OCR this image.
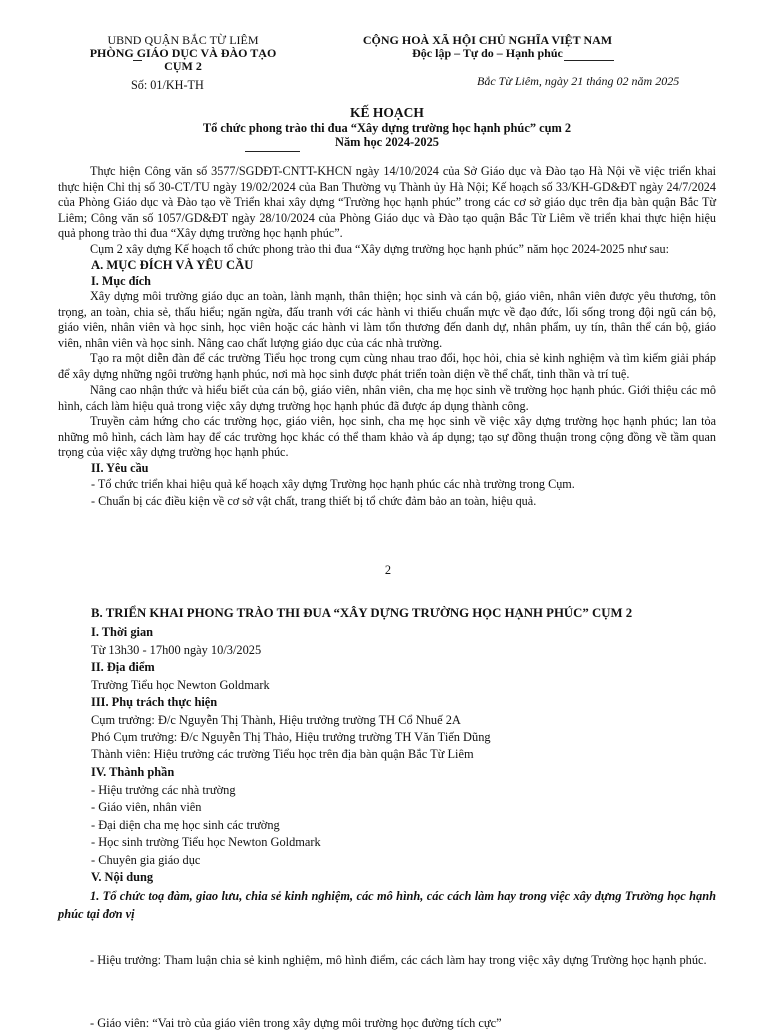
UBND QUẬN BẮC TỪ LIÊM
PHÒNG GIÁO DỤC VÀ ĐÀO TẠO
CỤM 2
Số: 01/KH-TH
CỘNG HOÀ XÃ HỘI CHỦ NGHĨA VIỆT NAM
Độc lập – Tự do – Hạnh phúc
Bắc Từ Liêm, ngày 21 tháng 02 năm 2025
KẾ HOẠCH
Tổ chức phong trào thi đua “Xây dựng trường học hạnh phúc” cụm 2
Năm học 2024-2025
Thực hiện Công văn số 3577/SGDĐT-CNTT-KHCN ngày 14/10/2024 của Sở Giáo dục và Đào tạo Hà Nội về việc triển khai thực hiện Chỉ thị số 30-CT/TU ngày 19/02/2024 của Ban Thường vụ Thành ủy Hà Nội; Kế hoạch số 33/KH-GD&ĐT ngày 24/7/2024 của Phòng Giáo dục và Đào tạo về Triển khai xây dựng “Trường học hạnh phúc” trong các cơ sở giáo dục trên địa bàn quận Bắc Từ Liêm; Công văn số 1057/GD&ĐT ngày 28/10/2024 của Phòng Giáo dục và Đào tạo quận Bắc Từ Liêm về triển khai thực hiện hiệu quả phong trào thi đua “Xây dựng trường học hạnh phúc”.
Cụm 2 xây dựng Kế hoạch tổ chức phong trào thi đua “Xây dựng trường học hạnh phúc” năm học 2024-2025 như sau:
A. MỤC ĐÍCH VÀ YÊU CẦU
I. Mục đích
Xây dựng môi trường giáo dục an toàn, lành mạnh, thân thiện; học sinh và cán bộ, giáo viên, nhân viên được yêu thương, tôn trọng, an toàn, chia sẻ, thấu hiểu; ngăn ngừa, đấu tranh với các hành vi thiếu chuẩn mực về đạo đức, lối sống trong đội ngũ cán bộ, giáo viên, nhân viên và học sinh, học viên hoặc các hành vi làm tổn thương đến danh dự, nhân phẩm, uy tín, thân thể cán bộ, giáo viên, nhân viên và học sinh. Nâng cao chất lượng giáo dục của các nhà trường.
Tạo ra một diễn đàn để các trường Tiểu học trong cụm cùng nhau trao đổi, học hỏi, chia sẻ kinh nghiệm và tìm kiếm giải pháp để xây dựng những ngôi trường hạnh phúc, nơi mà học sinh được phát triển toàn diện về thể chất, tinh thần và trí tuệ.
Nâng cao nhận thức và hiểu biết của cán bộ, giáo viên, nhân viên, cha mẹ học sinh về trường học hạnh phúc. Giới thiệu các mô hình, cách làm hiệu quả trong việc xây dựng trường học hạnh phúc đã được áp dụng thành công.
Truyền cảm hứng cho các trường học, giáo viên, học sinh, cha mẹ học sinh về việc xây dựng trường học hạnh phúc; lan tỏa những mô hình, cách làm hay để các trường học khác có thể tham khảo và áp dụng; tạo sự đồng thuận trong cộng đồng về tầm quan trọng của việc xây dựng trường học hạnh phúc.
II. Yêu cầu
- Tổ chức triển khai hiệu quả kế hoạch xây dựng Trường học hạnh phúc các nhà trường trong Cụm.
- Chuẩn bị các điều kiện về cơ sở vật chất, trang thiết bị tổ chức đảm bảo an toàn, hiệu quả.
2
B. TRIỂN KHAI PHONG TRÀO THI ĐUA “XÂY DỰNG TRƯỜNG HỌC HẠNH PHÚC” CỤM 2
I. Thời gian
Từ 13h30 - 17h00 ngày 10/3/2025
II. Địa điểm
Trường Tiểu học Newton Goldmark
III. Phụ trách thực hiện
Cụm trưởng: Đ/c Nguyễn Thị Thành, Hiệu trưởng trường TH Cổ Nhuế 2A
Phó Cụm trưởng: Đ/c Nguyễn Thị Thảo, Hiệu trưởng trường TH Văn Tiến Dũng
Thành viên: Hiệu trưởng các trường Tiểu học trên địa bàn quận Bắc Từ Liêm
IV. Thành phần
- Hiệu trưởng các nhà trường
- Giáo viên, nhân viên
- Đại diện cha mẹ học sinh các trường
- Học sinh trường Tiểu học Newton Goldmark
- Chuyên gia giáo dục
V. Nội dung
1. Tổ chức toạ đàm, giao lưu, chia sẻ kinh nghiệm, các mô hình, các cách làm hay trong việc xây dựng Trường học hạnh phúc tại đơn vị
- Hiệu trưởng: Tham luận chia sẻ kinh nghiệm, mô hình điểm, các cách làm hay trong việc xây dựng Trường học hạnh phúc.
- Giáo viên: “Vai trò của giáo viên trong xây dựng môi trường học đường tích cực”
